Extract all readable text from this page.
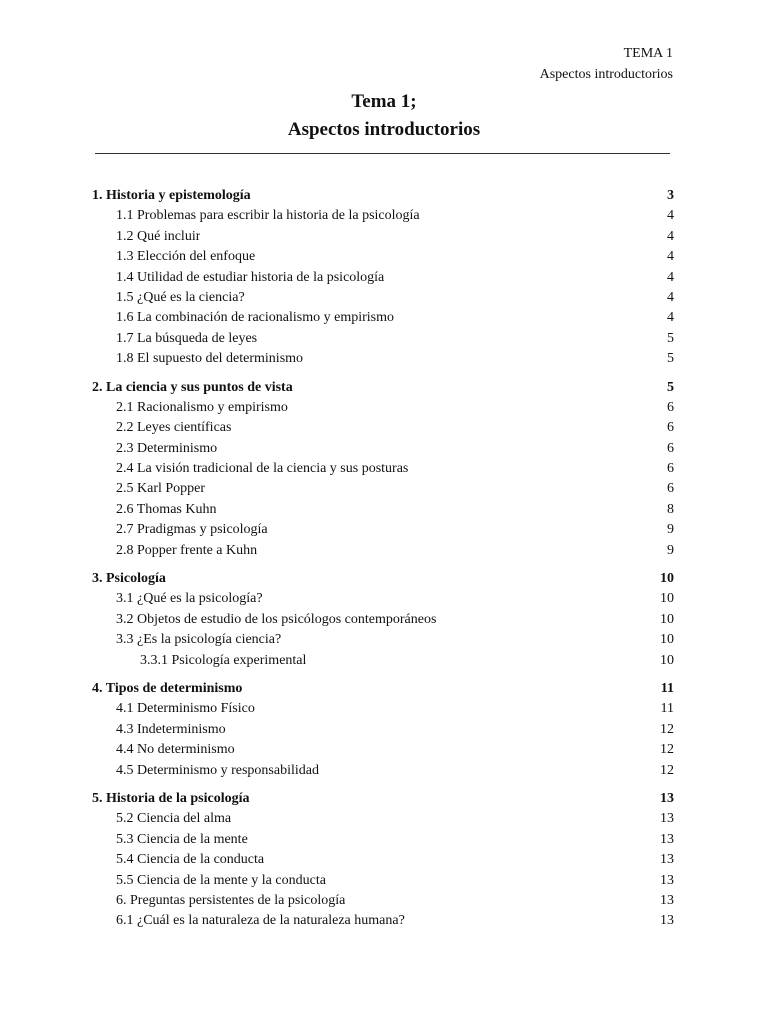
TEMA 1
Aspectos introductorios
Tema 1;
Aspectos introductorios
1. Historia y epistemología	3
1.1 Problemas para escribir la historia de la psicología	4
1.2 Qué incluir	4
1.3 Elección del enfoque	4
1.4 Utilidad de estudiar historia de la psicología	4
1.5 ¿Qué es la ciencia?	4
1.6 La combinación de racionalismo y empirismo	4
1.7 La búsqueda de leyes	5
1.8 El supuesto del determinismo	5
2. La ciencia y sus puntos de vista	5
2.1 Racionalismo y empirismo	6
2.2 Leyes científicas	6
2.3 Determinismo	6
2.4 La visión tradicional de la ciencia y sus posturas	6
2.5 Karl Popper	6
2.6 Thomas Kuhn	8
2.7 Pradigmas y psicología	9
2.8 Popper frente a Kuhn	9
3. Psicología	10
3.1 ¿Qué es la psicología?	10
3.2 Objetos de estudio de los psicólogos contemporáneos	10
3.3 ¿Es la psicología ciencia?	10
3.3.1 Psicología experimental	10
4. Tipos de determinismo	11
4.1 Determinismo Físico	11
4.3 Indeterminismo	12
4.4 No determinismo	12
4.5 Determinismo y responsabilidad	12
5. Historia de la psicología	13
5.2 Ciencia del alma	13
5.3 Ciencia de la mente	13
5.4 Ciencia de la conducta	13
5.5 Ciencia de la mente y la conducta	13
6. Preguntas persistentes de la psicología	13
6.1 ¿Cuál es la naturaleza de la naturaleza humana?	13
